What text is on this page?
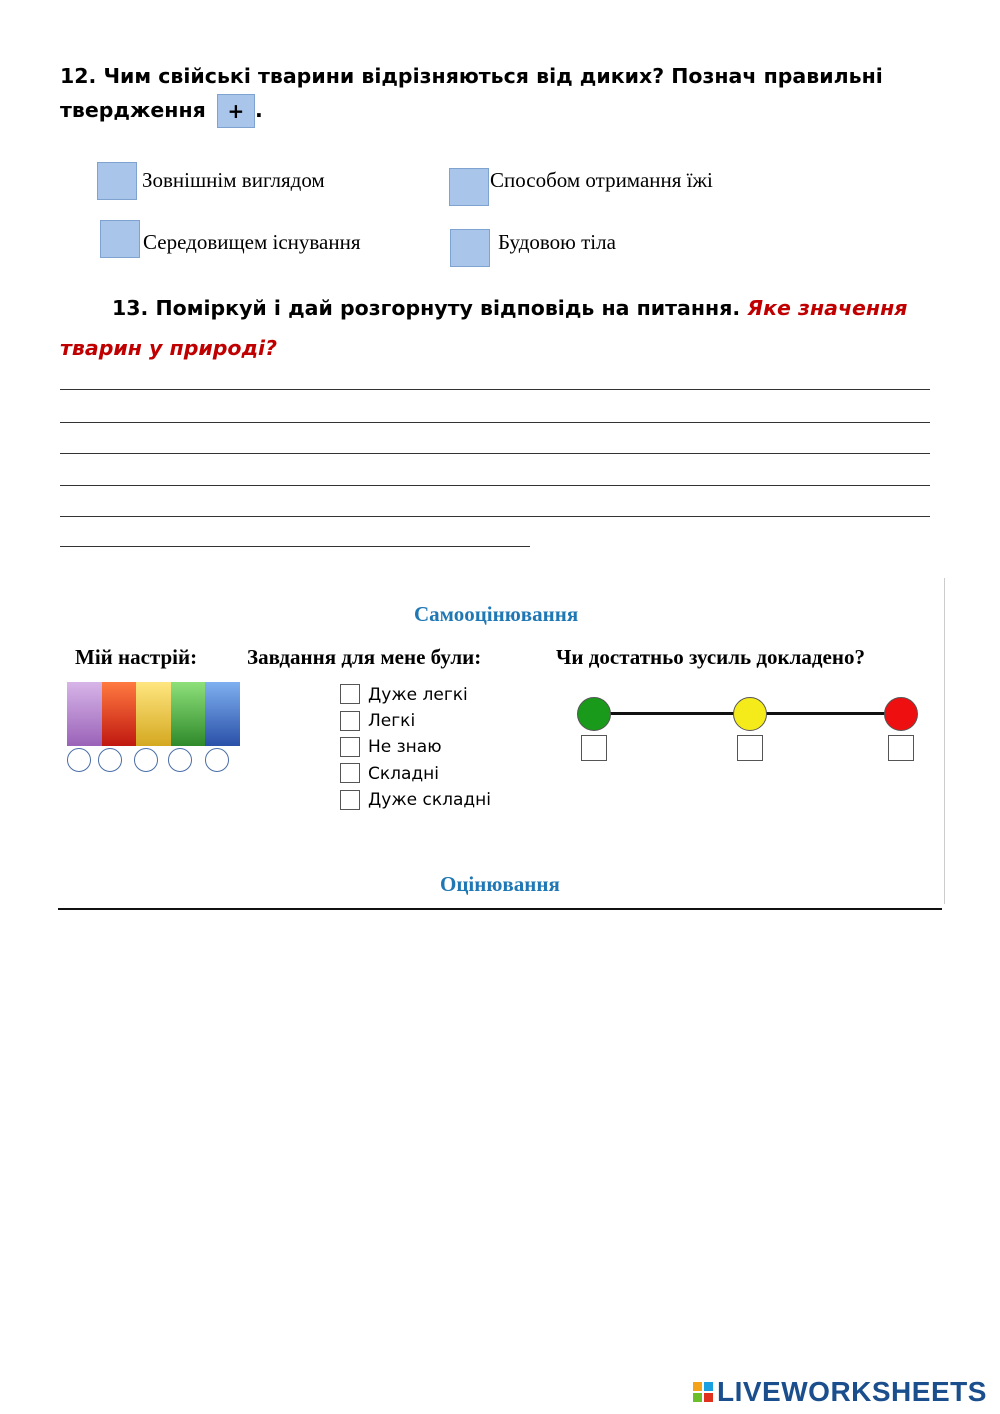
12. Чим свійські тварини відрізняються від диких? Познач правильні
твердження + .
Зовнішнім виглядом	Способом отримання їжі
Середовищем існування	Будовою тіла
13. Поміркуй і дай розгорнуту відповідь на питання. Яке значення
тварин у природі?
Самооцінювання
Мій настрій: Завдання для мене були:	Чи достатньо зусиль докладено?
Дуже легкі
Легкі
Не знаю
Складні
Дуже складні
Оцінювання
LIVEWORKSHEETS
